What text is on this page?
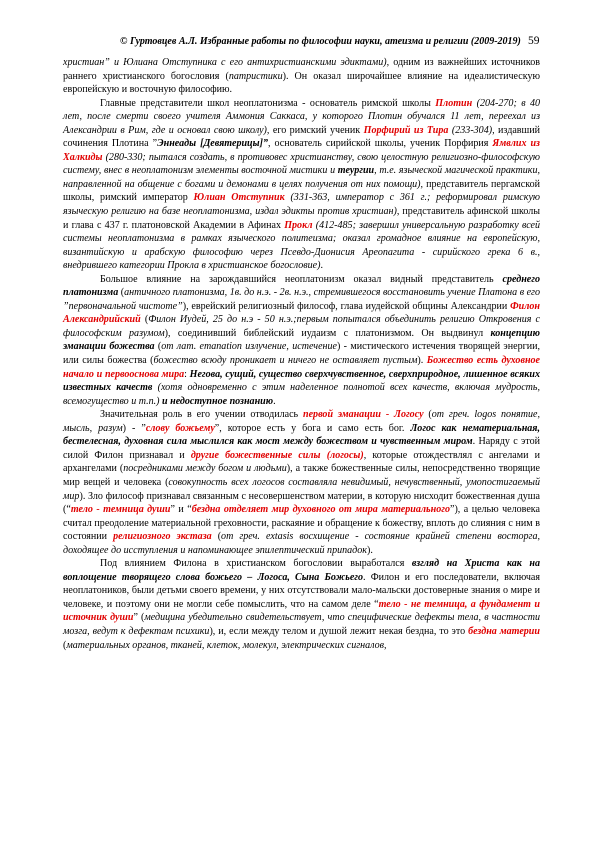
© Гуртовцев А.Л. Избранные работы по философии науки, атеизма и религии (2009-2019) 59

христиан” и Юлиана Отступника с его антихристианскими эдиктами), одним из важнейших источников раннего христианского богословия (патристики). Он оказал широчайшее влияние на идеалистическую европейскую и восточную философию.

Главные представители школ неоплатонизма - основатель римской школы Плотин (204-270; в 40 лет, после смерти своего учителя Аммония Саккаса, у которого Плотин обучался 11 лет, переехал из Александрии в Рим, где и основал свою школу), его римский ученик Порфирий из Тира (233-304), издавший сочинения Плотина ”Эннеады [Девятерицы]”, основатель сирийской школы, ученик Порфирия Ямвлих из Халкиды (280-330; пытался создать, в противовес христианству, свою целостную религиозно-философскую систему, внес в неоплатонизм элементы восточной мистики и теургии, т.е. языческой магической практики, направленной на общение с богами и демонами в целях получения от них помощи), представитель пергамской школы, римский император Юлиан Отступник (331-363, император с 361 г.; реформировал римскую языческую религию на базе неоплатонизма, издал эдикты против христиан), представитель афинской школы и глава с 437 г. платоновской Академии в Афинах Прокл (412-485; завершил универсальную разработку всей системы неоплатонизма в рамках языческого политеизма; оказал громадное влияние на европейскую, византийскую и арабскую философию через Псевдо-Дионисия Ареопагита - сирийского грека 6 в., внедрившего категории Прокла в христианское богословие).

Большое влияние на зарождавшийся неоплатонизм оказал видный представитель среднего платонизма (античного платонизма, 1в. до н.э. - 2в. н.э., стремившегося восстановить учение Платона в его ”первоначальной чистоте”), еврейский религиозный философ, глава иудейской общины Александрии Филон Александрийский (Филон Иудей, 25 до н.э - 50 н.э.;первым попытался объединить религию Откровения с философским разумом), соединивший библейский иудаизм с платонизмом. Он выдвинул концепцию эманации божества (от лат. emanation излучение, истечение) - мистического истечения творящей энергии, или силы божества (божество всюду проникает и ничего не оставляет пустым). Божество есть духовное начало и первооснова мира: Негова, сущий, существо сверхчувственное, сверхприродное, лишенное всяких известных качеств (хотя одновременно с этим наделенное полнотой всех качеств, включая мудрость, всемогущество и т.п.) и недоступное познанию.

Значительная роль в его учении отводилась первой эманации - Логосу (от греч. logos понятие, мысль, разум) - ”слову божьему”, которое есть у бога и само есть бог. Логос как нематериальная, бестелесная, духовная сила мыслился как мост между божеством и чувственным миром. Наряду с этой силой Филон признавал и другие божественные силы (логосы), которые отождествлял с ангелами и архангелами (посредниками между богом и людьми), а также божественные силы, непосредственно творящие мир вещей и человека (совокупность всех логосов составляла невидимый, нечувственный, умопостигаемый мир). Зло философ признавал связанным с несовершенством материи, в которую нисходит божественная душа (“тело - темница души” и “бездна отделяет мир духовного от мира материального”), а целью человека считал преодоление материальной греховности, раскаяние и обращение к божеству, вплоть до слияния с ним в состоянии религиозного экстаза (от греч. extasis восхищение - состояние крайней степени восторга, доходящее до исступления и напоминающее эпилептический припадок).

Под влиянием Филона в христианском богословии выработался взгляд на Христа как на воплощение творящего слова божьего – Логоса, Сына Божьего. Филон и его последователи, включая неоплатоников, были детьми своего времени, у них отсутствовали мало-мальски достоверные знания о мире и человеке, и поэтому они не могли себе помыслить, что на самом деле “тело - не темница, а фундамент и источник души” (медицина убедительно свидетельствует, что специфические дефекты тела, в частности мозга, ведут к дефектам психики), и, если между телом и душой лежит некая бездна, то это бездна материи (материальных органов, тканей, клеток, молекул, электрических сигналов,
